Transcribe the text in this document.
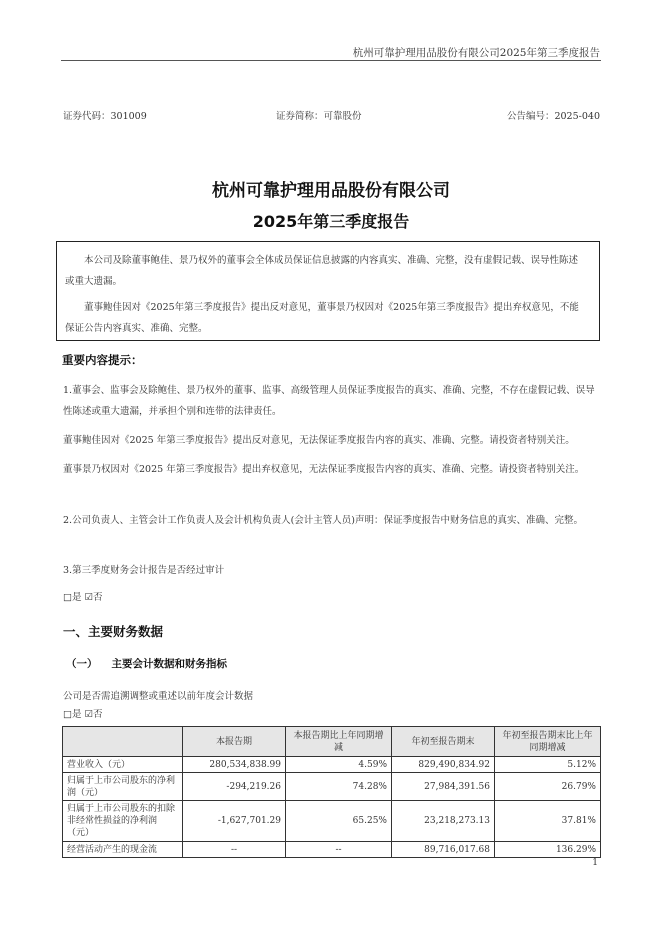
杭州可靠护理用品股份有限公司2025年第三季度报告
证券代码：301009	证券简称：可靠股份	公告编号：2025-040
杭州可靠护理用品股份有限公司
2025年第三季度报告

本公司及除董事鲍佳、景乃权外的董事会全体成员保证信息披露的内容真实、准确、完整，没有虚假记载、误导性陈述或重大遗漏。

董事鲍佳因对《2025年第三季度报告》提出反对意见，董事景乃权因对《2025年第三季度报告》提出弃权意见，不能保证公告内容真实、准确、完整。

重要内容提示：
1.董事会、监事会及除鲍佳、景乃权外的董事、监事、高级管理人员保证季度报告的真实、准确、完整，不存在虚假记载、误导性陈述或重大遗漏，并承担个别和连带的法律责任。
董事鲍佳因对《2025 年第三季度报告》提出反对意见，无法保证季度报告内容的真实、准确、完整。请投资者特别关注。
董事景乃权因对《2025 年第三季度报告》提出弃权意见，无法保证季度报告内容的真实、准确、完整。请投资者特别关注。
2.公司负责人、主管会计工作负责人及会计机构负责人(会计主管人员)声明：保证季度报告中财务信息的真实、准确、完整。
3.第三季度财务会计报告是否经过审计
□是 ☑否
一、主要财务数据
（一） 主要会计数据和财务指标
公司是否需追溯调整或重述以前年度会计数据
□是 ☑否
	本报告期	本报告期比上年同期增减	年初至报告期末	年初至报告期末比上年同期增减
营业收入（元）	280,534,838.99	4.59%	829,490,834.92	5.12%
归属于上市公司股东的净利润（元）	-294,219.26	74.28%	27,984,391.56	26.79%
归属于上市公司股东的扣除非经常性损益的净利润（元）	-1,627,701.29	65.25%	23,218,273.13	37.81%
经营活动产生的现金流	--	--	89,716,017.68	136.29%
1
